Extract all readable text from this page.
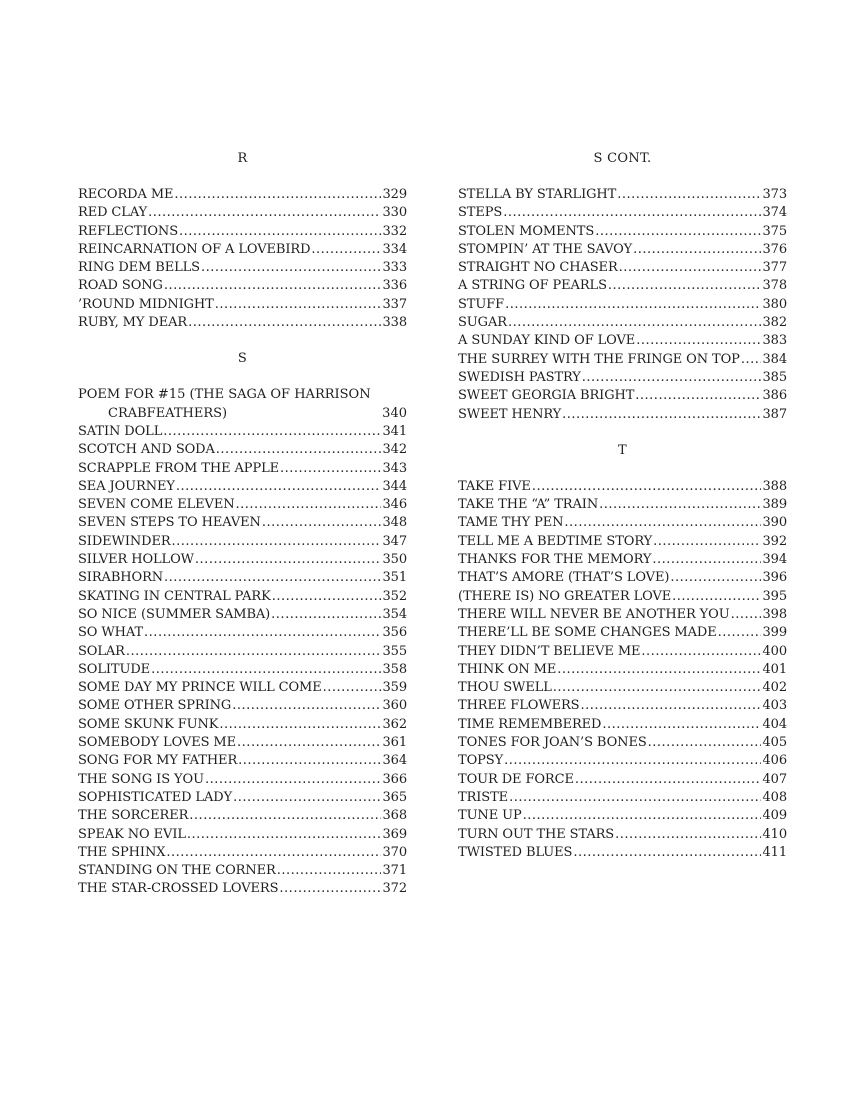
R
RECORDA ME .....	329
RED CLAY .....	330
REFLECTIONS .....	332
REINCARNATION OF A LOVEBIRD .....	334
RING DEM BELLS .....	333
ROAD SONG .....	336
’ROUND MIDNIGHT .....	337
RUBY, MY DEAR .....	338
S
POEM FOR #15 (THE SAGA OF HARRISON
CRABFEATHERS)	340
SATIN DOLL .....	341
SCOTCH AND SODA .....	342
SCRAPPLE FROM THE APPLE .....	343
SEA JOURNEY .....	344
SEVEN COME ELEVEN .....	346
SEVEN STEPS TO HEAVEN .....	348
SIDEWINDER .....	347
SILVER HOLLOW .....	350
SIRABHORN .....	351
SKATING IN CENTRAL PARK .....	352
SO NICE (SUMMER SAMBA) .....	354
SO WHAT .....	356
SOLAR .....	355
SOLITUDE .....	358
SOME DAY MY PRINCE WILL COME .....	359
SOME OTHER SPRING .....	360
SOME SKUNK FUNK .....	362
SOMEBODY LOVES ME .....	361
SONG FOR MY FATHER .....	364
THE SONG IS YOU .....	366
SOPHISTICATED LADY .....	365
THE SORCERER .....	368
SPEAK NO EVIL .....	369
THE SPHINX .....	370
STANDING ON THE CORNER .....	371
THE STAR-CROSSED LOVERS .....	372
S CONT.
STELLA BY STARLIGHT .....	373
STEPS .....	374
STOLEN MOMENTS .....	375
STOMPIN’ AT THE SAVOY .....	376
STRAIGHT NO CHASER .....	377
A STRING OF PEARLS .....	378
STUFF .....	380
SUGAR .....	382
A SUNDAY KIND OF LOVE .....	383
THE SURREY WITH THE FRINGE ON TOP ..... 384
SWEDISH PASTRY .....	385
SWEET GEORGIA BRIGHT .....	386
SWEET HENRY .....	387
T
TAKE FIVE .....	388
TAKE THE “A” TRAIN .....	389
TAME THY PEN .....	390
TELL ME A BEDTIME STORY .....	392
THANKS FOR THE MEMORY .....	394
THAT’S AMORE (THAT’S LOVE) .....	396
(THERE IS) NO GREATER LOVE .....	395
THERE WILL NEVER BE ANOTHER YOU .....	398
THERE’LL BE SOME CHANGES MADE .....	399
THEY DIDN’T BELIEVE ME .....	400
THINK ON ME .....	401
THOU SWELL .....	402
THREE FLOWERS .....	403
TIME REMEMBERED .....	404
TONES FOR JOAN’S BONES .....	405
TOPSY .....	406
TOUR DE FORCE .....	407
TRISTE .....	408
TUNE UP .....	409
TURN OUT THE STARS .....	410
TWISTED BLUES .....	411
